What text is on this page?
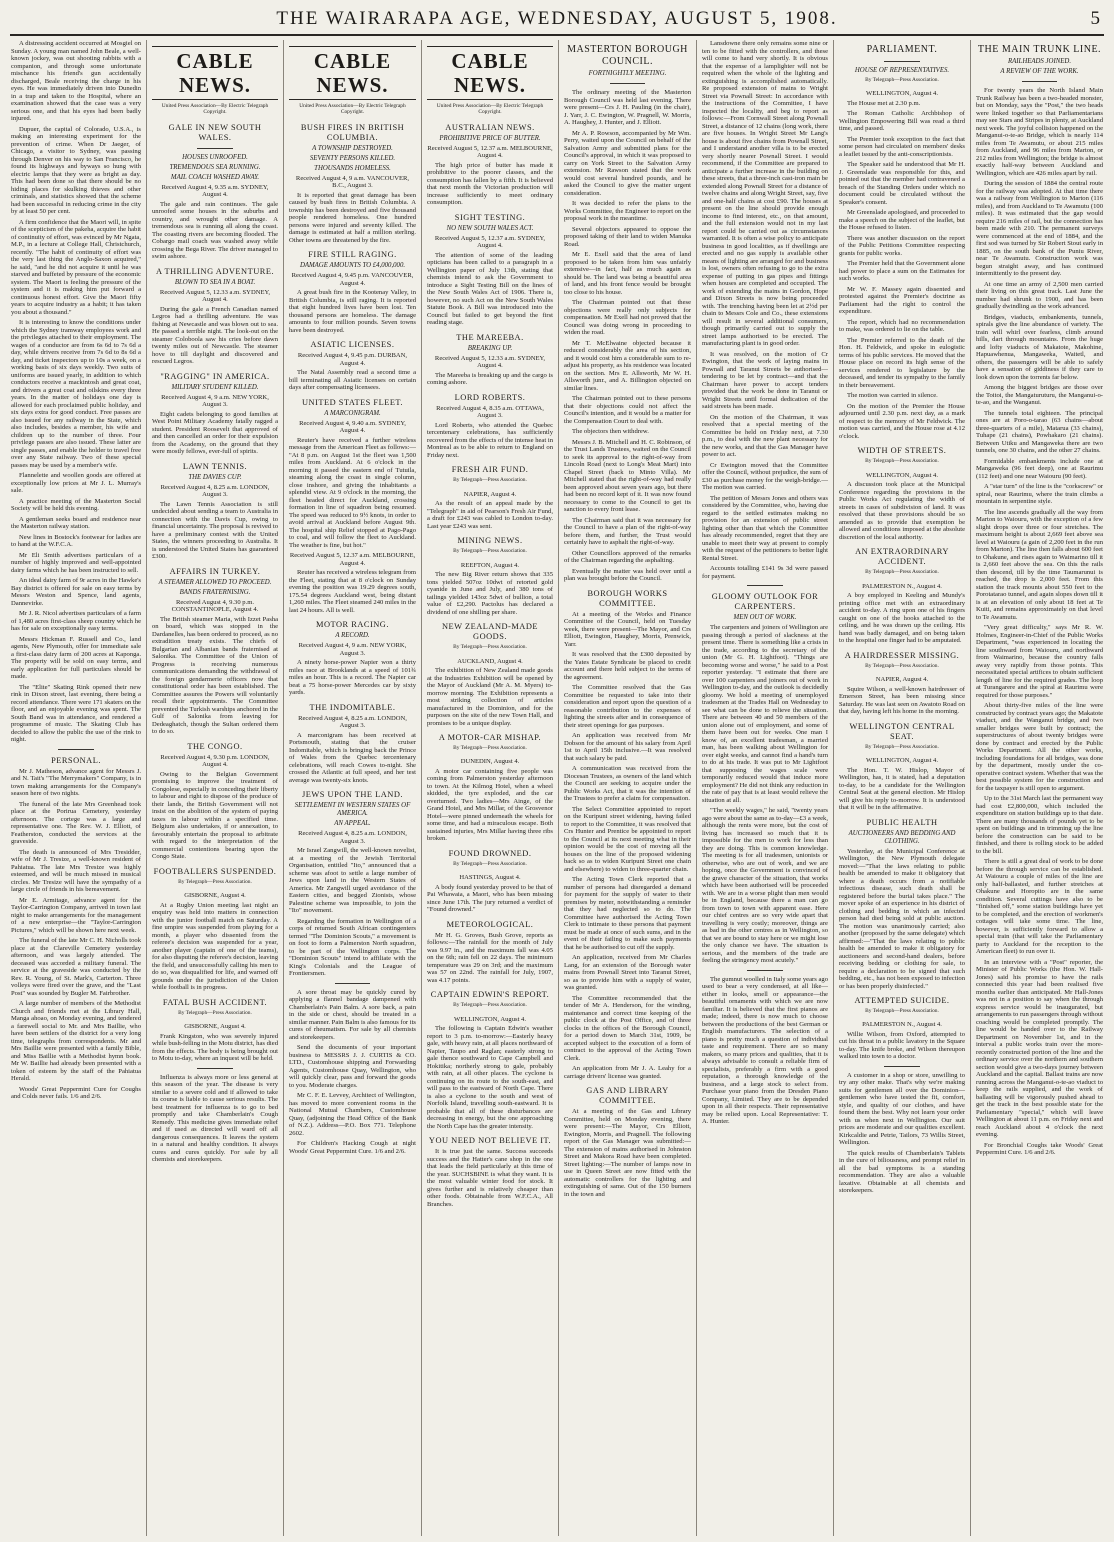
THE WAIRARAPA AGE, WEDNESDAY, AUGUST 5, 1908.	5

A distressing accident occurred at Mosgiel on Sunday. A young man named John Beale, a well-known jockey, was out shooting rabbits with a companion, and through some unfortunate mischance his friend's gun accidentally discharged, Beale receiving the charge in his eyes. He was immediately driven into Dunedin in a trap and taken to the Hospital, where an examination showed that the case was a very serious one, and that his eyes had been badly injured.

Dupuer, the capital of Colorado, U.S.A., is making an interesting experiment for the prevention of crime. When Dr Jaeger, of Chicago, a visitor to Sydney, was passing through Denver on his way to San Francisco, he found its highways and byways so hung with electric lamps that they were as bright as day. This had been done so that there should be no hiding places for skulking thieves and other criminals, and statistics showed that the scheme had been successful in reducing crime in the city by at least 50 per cent.

A firm confidence that the Maori will, in spite of the scepticism of the pakeha, acquire the habit of continuity of effort, was evinced by Mr Ngata, M.P., in a lecture at College Hall, Christchurch, recently. "The habit of continuity of effort was the very last thing the Anglo-Saxon acquired," he said, "and he did not acquire it until he was starved and buffeted by pressure of the economic system. The Maori is feeling the pressure of the system and it is making him put forward a continuous honest effort. Give the Maori fifty years to acquire industry as a habit; it has taken you about a thousand."

It is interesting to know the conditions under which the Sydney tramway employees work and the privileges attached to their employment. The wages of a conductor are from 6s 6d to 7s 6d a day, while drivers receive from 7s 6d to 8s 6d a day, and ticket inspectors up to 10s a week, on a working basis of six days weekly. Two suits of uniforms are issued yearly, in addition to which conductors receive a mackintosh and great coat, and drivers a great coat and oilskins every three years. In the matter of holidays one day is allowed for each proclaimed public holiday, and six days extra for good conduct. Free passes are also issued for any railway in the State, which also includes, besides a member, his wife and children up to the number of three. Four privilege passes are also issued. These latter are single passes, and enable the holder to travel free over any State railway. Two of these special passes may be used by a member's wife.

Flannelette and woollen goods are offered at exceptionally low prices at Mr J. L. Murray's sale.

A practice meeting of the Masterton Social Society will be held this evening.

A gentleman seeks board and residence near the Masterton railway station.

New lines in Bostock's footwear for ladies are to hand at the W.F.C.A.

Mr Eli Smith advertises particulars of a number of highly improved and well-appointed dairy farms which he has been instructed to sell.

An ideal dairy farm of 9r acres in the Hawke's Bay district is offered for sale on easy terms by Messrs Weston and Spence, land agents, Dannevirke.

Mr J. R. Nicol advertises particulars of a farm of 1,480 acres first-class sheep country which he has for sale on exceptionally easy terms.

Messrs Hickman F. Russell and Co., land agents, New Plymouth, offer for immediate sale a first-class dairy farm of 200 acres at Kaponga. The property will be sold on easy terms, and early application for full particulars should be made.

The "Elite" Skating Rink opened their new rink in Dixon street, last evening, there being a record attendance. There were 171 skaters on the floor, and an enjoyable evening was spent. The South Band was in attendance, and rendered a programme of music. The Skating Club has decided to allow the public the use of the rink to night.

PERSONAL.

Mr J. Matheson, advance agent for Messrs J. and N. Tait's "The Merrymakers" Company, is in town making arrangements for the Company's season here of two nights.

The funeral of the late Mrs Greenhead took place at the Porirua Cemetery, yesterday afternoon. The cortege was a large and representative one. The Rev. W. J. Elliott, of Featherston, conducted the services at the graveside.

The death is announced of Mrs Tresidder, wife of Mr J. Tresize, a well-known resident of Pahiatua. The late Mrs Tresize was highly esteemed, and will be much missed in musical circles. Mr Tresize will have the sympathy of a large circle of friends in his bereavement.

Mr E. Armitage, advance agent for the Taylor-Carrington Company, arrived in town last night to make arrangements for the management of a new enterprise—the "Taylor-Carrington Pictures," which will be shown here next week.

The funeral of the late Mr C. H. Nicholls took place at the Clareville Cemetery yesterday afternoon, and was largely attended. The deceased was accorded a military funeral. The service at the graveside was conducted by the Rev. R. Young, of St. Mark's, Carterton. Three volleys were fired over the grave, and the "Last Post" was sounded by Bugler M. Fairbrother.

A large number of members of the Methodist Church and friends met at the Library Hall, Manga ahoao, on Monday evening, and tendered a farewell social to Mr. and Mrs Baillie, who have been settlers of the district for a very long time, telegraphs from correspondents. Mr and Mrs Baillie were presented with a family Bible, and Miss Baillie with a Methodist hymn book. Mr W. Baillie had already been presented with a token of esteem by the staff of the Pahiatua Herald.

Woods' Great Peppermint Cure for Coughs and Colds never fails. 1/6 and 2/6.

CABLE NEWS.
United Press Association—By Electric Telegraph Copyright.
GALE IN NEW SOUTH WALES.
HOUSES UNROOFED.
TREMENDOUS SEA RUNNING.
MAIL COACH WASHED AWAY.
Received August 4, 9.35 a.m. SYDNEY, August 4.

The gale and rain continues. The gale unroofed some houses in the suburbs and country, and wrought other damage. A tremendous sea is running all along the coast. The coasting rivers are becoming flooded. The Cobargo mail coach was washed away while crossing the Bega River. The driver managed to swim ashore.

A THRILLING ADVENTURE.
BLOWN TO SEA IN A BOAT.
Received August 5, 12.33 a.m. SYDNEY, August 4.

During the gale a French Canadian named Legros had a thrilling adventure. He was fishing at Newcastle and was blown out to sea. He passed a terrible night. The look-out on the steamer Coloboola saw his cries before dawn twenty miles out of Newcastle. The steamer hove to till daylight and discovered and rescued Legros.

"RAGGING" IN AMERICA.
MILITARY STUDENT KILLED.
Received August 4, 9 a.m. NEW YORK, August 3.

Eight cadets belonging to good families at West Point Military Academy fatally ragged a student. President Roosevelt that approved of and then cancelled an order for their expulsion from the Academy, on the ground that they were mostly fellows, ever-full of spirits.

LAWN TENNIS.
THE DAVIES CUP.
Received August 4, 8.25 a.m. LONDON, August 3.

The Lawn Tennis Association is still undecided about sending a team to Australia in connection with the Davis Cup, owing to financial uncertainty. The proposal is revived to have a preliminary contest with the United States, the winners proceeding to Australia. It is understood the United States has guaranteed £300.

AFFAIRS IN TURKEY.
A STEAMER ALLOWED TO PROCEED.
BANDS FRATERNISING.
Received August 4, 9.30 p.m. CONSTANTINOPLE, August 4.

The British steamer Maria, with Izzet Pasha on board, which was stopped in the Dardanelles, has been ordered to proceed, as no extradition treaty exists. The chiefs of Bulgarian and Albanian bands fraternised at Salonika. The Committee of the Union of Progress is receiving numerous communications demanding the withdrawal of the foreign gendarmerie officers now that constitutional order has been established. The Committee assures the Powers will voluntarily recall their appointments. The Committee prevented the Turkish warships anchored in the Gulf of Salonika from leaving for Dedeaghatch, though the Sultan ordered them to do so.

THE CONGO.
Received August 4, 9.30 p.m. LONDON, August 4.

Owing to the Belgian Government promising to improve the treatment of Congolese, especially in conceding their liberty to labour and right to dispose of the produce of their lands, the British Government will not insist on the abolition of the system of paying taxes in labour within a specified time. Belgium also undertakes, if or annexation, to favourably entertain the proposal to arbitrate with regard to the interpretation of the commercial contentions bearing upon the Congo State.

FOOTBALLERS SUSPENDED.
By Telegraph—Press Association.
GISBORNE, August 4.

At a Rugby Union meeting last night an enquiry was held into matters in connection with the junior football match on Saturday. A fine umpire was suspended from playing for a month, a player who dissented from the referee's decision was suspended for a year, another player (captain of one of the teams), for also disputing the referee's decision, leaving the field, and unsuccessfully calling his men to do so, was disqualified for life, and warned off grounds under the jurisdiction of the Union while football is in progress.

FATAL BUSH ACCIDENT.
By Telegraph—Press Association.
GISBORNE, August 4.

Frank Kingston, who was severely injured while bush-felling in the Motu district, has died from the effects. The body is being brought out to Motu to-day, where an inquest will be held.

Influenza is always more or less general at this season of the year. The disease is very similar to a severe cold and if allowed to take its course is liable to cause serious results. The best treatment for influenza is to go to bed promptly and take Chamberlain's Cough Remedy. This medicine gives immediate relief and if used as directed will ward off all dangerous consequences. It leaves the system in a natural and healthy condition. It always cures and cures quickly. For sale by all chemists and storekeepers.

CABLE NEWS.
United Press Association—By Electric Telegraph Copyright.
BUSH FIRES IN BRITISH COLUMBIA.
A TOWNSHIP DESTROYED.
SEVENTY PERSONS KILLED.
THOUSANDS HOMELESS.
Received August 4, 9 a.m. VANCOUVER, B.C., August 3.

It is reported that great damage has been caused by bush fires in British Columbia. A township has been destroyed and five thousand people rendered homeless. One hundred persons were injured and seventy killed. The damage is estimated at half a million sterling. Other towns are threatened by the fire.

FIRE STILL RAGING.
DAMAGE AMOUNTS TO £4,000,000.
Received August 4, 9.45 p.m. VANCOUVER, August 4.

A great bush fire in the Kootenay Valley, in British Columbia, is still raging. It is reported that eight hundred lives have been lost. Ten thousand persons are homeless. The damage amounts to four million pounds. Seven towns have been destroyed.

ASIATIC LICENSES.
Received August 4, 9.45 p.m. DURBAN, August 4.

The Natal Assembly read a second time a bill terminating all Asiatic licenses on certain days after compensating licensees.

UNITED STATES FLEET.
A MARCONIGRAM.
Received August 4, 9.40 a.m. SYDNEY, August 4.

Reuter's have received a further wireless message from the American Fleet as follows:— "At 8 p.m. on August 1st the fleet was 1,500 miles from Auckland. At 6 o'clock in the morning it passed the eastern end of Tutuila, steaming along the coast in single column, close inshore, and giving the inhabitants a splendid view. At 9 o'clock in the morning, the fleet headed direct for Auckland, crossing formation in line of squadron being resumed. The speed was reduced to 9½ knots, in order to avoid arrival at Auckland before August 9th. The hospital ship Relief stopped at Pago-Pago to coal, and will follow the fleet to Auckland. The weather is fine, but hot."

Received August 5, 12.37 a.m. MELBOURNE, August 4.

Reuter has received a wireless telegram from the Fleet, stating that at 8 o'clock on Sunday evening the position was 19.29 degrees south, 175.54 degrees Auckland west, being distant 1,260 miles. The Fleet steamed 240 miles in the last 24 hours. All is well.

MOTOR RACING.
A RECORD.
Received August 4, 9 a.m. NEW YORK, August 3.

A ninety horse-power Napier won a thirty miles race at Brooklands at a speed of 101¾ miles an hour. This is a record. The Napier car beat a 75 horse-power Mercedes car by sixty yards.

THE INDOMITABLE.
Received August 4, 8.25 a.m. LONDON, August 3.

A marconigram has been received at Portsmouth, stating that the cruiser Indomitable, which is bringing back the Prince of Wales from the Quebec tercentenary celebrations, will reach Cowes to-night. She crossed the Atlantic at full speed, and her test average was twenty-six knots.

JEWS UPON THE LAND.
SETTLEMENT IN WESTERN STATES OF AMERICA.
AN APPEAL.
Received August 4, 8.25 a.m. LONDON, August 3.

Mr Israel Zangwill, the well-known novelist, at a meeting of the Jewish Territorial Organisation, entitled "Ito," announced that a scheme was afoot to settle a large number of Jews upon land in the Western States of America. Mr Zangwill urged avoidance of the Eastern cities, and begged Zionists, whose Palestine scheme was impossible, to join the "Ito" movement.

Regarding the formation in Wellington of a corps of returned South African contingenters termed "The Dominion Scouts," a movement is on foot to form a Palmerston North squadron, to be part of the Wellington corps. The "Dominion Scouts" intend to affiliate with the King's Colonials and the League of Frontiersmen.

A sore throat may be quickly cured by applying a flannel bandage dampened with Chamberlain's Pain Balm. A sore back, a pain in the side or chest, should be treated in a similar manner. Pain Balm is also famous for its cures of rheumatism. For sale by all chemists and storekeepers.

Send the documents of your important business to MESSRS J. J. CURTIS & CO. LTD., Customhouse shipping and Forwarding Agents, Customhouse Quay, Wellington, who will quickly clear, pass and forward the goods to you. Moderate charges.

Mr C. F. E. Levvey, Architect of Wellington, has moved to more convenient rooms in the National Mutual Chambers, Customhouse Quay, (adjoining the Head Office of the Bank of N.Z.). Address—P.O. Box 771. Telephone 2602.

For Children's Hacking Cough at night Woods' Great Peppermint Cure. 1/6 and 2/6.

CABLE NEWS.
United Press Association—By Electric Telegraph Copyright.
AUSTRALIAN NEWS.
PROHIBITIVE PRICE OF BUTTER.
Received August 5, 12.37 a.m. MELBOURNE, August 4.

The high price of butter has made it prohibitive to the poorer classes, and the consumption has fallen by a fifth. It is believed that next month the Victorian production will increase sufficiently to meet ordinary consumption.

SIGHT TESTING.
NO NEW SOUTH WALES ACT.
Received August 5, 12.37 a.m. SYDNEY, August 4.

The attention of some of the leading opticians has been called to a paragraph in a Wellington paper of July 13th, stating that chemists intend to ask the Government to introduce a Sight Testing Bill on the lines of the New South Wales Act of 1906. There is, however, no such Act on the New South Wales Statute Book. A Bill was introduced into the Council but failed to get beyond the first reading stage.

THE MAREEBA.
BREAKING UP.
Received August 5, 12.33 a.m. SYDNEY, August 4.

The Mareeba is breaking up and the cargo is coming ashore.

LORD ROBERTS.
Received August 4, 8.35 a.m. OTTAWA, August 3.

Lord Roberts, who attended the Quebec tercentenary celebrations, has sufficiently recovered from the effects of the intense heat in Montreal as to be able to return to England on Friday next.

FRESH AIR FUND.
By Telegraph—Press Association.
NAPIER, August 4.

As the result of an appeal made by the "Telegraph" in aid of Pearson's Fresh Air Fund, a draft for £243 was cabled to London to-day. Last year £243 was sent.

MINING NEWS.
By Telegraph—Press Association.
REEFTON, August 4.

The new Big River return shows that 335 tons yielded 507oz 10dwt of retorted gold cyanide in June and July, and 380 tons of tailings yielded 143oz 5dwt of bullion, a total value of £2,290. Pactolus has declared a dividend of one shilling per share.

NEW ZEALAND-MADE GOODS.
By Telegraph—Press Association.
AUCKLAND, August 4.

The exhibition of New Zealand made goods at the Industries Exhibition will be opened by the Mayor of Auckland (Mr A. M. Myers) to-morrow morning. The Exhibition represents a most striking collection of articles manufactured in the Dominion, and for the purposes on the site of the new Town Hall, and promises to be a unique display.

A MOTOR-CAR MISHAP.
By Telegraph—Press Association.
DUNEDIN, August 4.

A motor car containing five people was coming from Palmerston yesterday afternoon to town. At the Kilmog Hotel, when a wheel skidded, the tyre exploded, and the car overturned. Two ladies—Mrs Ainge, of the Grand Hotel, and Mrs Millar, of the Grosvenor Hotel—were pinned underneath the wheels for some time, and had a miraculous escape. Both sustained injuries, Mrs Millar having three ribs broken.

FOUND DROWNED.
By Telegraph—Press Association.
HASTINGS, August 4.

A body found yesterday proved to be that of Pai Whawaia, a Maori, who has been missing since June 17th. The jury returned a verdict of "Found drowned."

METEOROLOGICAL.

Mr H. G. Groves, Bush Grove, reports as follows:—The rainfall for the month of July was 9.97 in., and the maximum fall was 4.05 on the 6th; rain fell on 22 days. The minimum temperature was 29 on 3rd; and the maximum was 57 on 22nd. The rainfall for July, 1907, was 4.17 points.

CAPTAIN EDWIN'S REPORT.
By Telegraph—Press Association.
WELLINGTON, August 4.

The following is Captain Edwin's weather report to 3 p.m. to-morrow:—Easterly heavy gale, with heavy rain, at all places northward of Napier, Taupo and Raglan; easterly strong to gale thence southward to Cape Campbell and Hokitika; northerly strong to gale, probably with rain, at all other places. The cyclone is continuing on its route to the south-east, and will pass to the eastward of North Cape. There is also a cyclone to the south and west of Norfolk Island, travelling south-eastward. It is probable that all of these disturbances are decreasing in energy, but the one approaching the North Cape has the greater intensity.

YOU NEED NOT BELIEVE IT.

It is true just the same. Success succeeds success and the Hatter's cane shop in the one that leads the field particularly at this time of the year. SUCHSBINE is what they want. It is the most valuable winter food for stock. It gives further and is relatively cheaper than other foods. Obtainable from W.F.C.A., All Branches.

MASTERTON BOROUGH COUNCIL.
FORTNIGHTLY MEETING.

The ordinary meeting of the Masterton Borough Council was held last evening. There were present—Crs J. H. Pauling (in the chair), J. Yarr, J. C. Ewington, W. Pragnell, W. Morris, A. Haughey, J. Hunter, and J. Elliott.

Mr A. P. Rowson, accompanied by Mr Wm. Perry, waited upon the Council on behalf of the Salvation Army and submitted plans for the Council's approval, in which it was proposed to carry on York Street to the Salvation Army extension. Mr Rawson stated that the work would cost several hundred pounds, and he asked the Council to give the matter urgent consideration.

It was decided to refer the plans to the Works Committee, the Engineer to report on the proposal work in the meantime.

Several objectors appeared to oppose the proposed taking of their land to widen Manuka Road.

Mr E. Exell said that the area of land proposed to be taken from him was unfairly extensive—in fact, half as much again as should be. The land was being a beautiful area of land, and his front fence would be brought too close to his house.

The Chairman pointed out that these objections were really only subjects for compensation. Mr Exell had not proved that the Council was doing wrong in proceeding to widen the road.

Mr T. McElwaine objected because it reduced considerably the area of his section, and it would cost him a considerable sum to re-adjust his property, as his residence was located on the section. Mrs E. Allsworth, Mr W. H. Allsworth junr., and A. Billington objected on similar lines.

The Chairman pointed out to these persons that their objections could not affect the Council's intention, and it would be a matter for the Compensation Court to deal with.

The objectors then withdrew.

Messrs J. B. Mitchell and H. C. Robinson, of the Trust Lands Trustees, waited on the Council to seek its approval to the right-of-way from Lincoln Road (next to Long's Meat Mart) into Chapel Street (back to Minto Villa). Mr Mitchell stated that the right-of-way had really been approved about seven years ago, but there had been no record kept of it. It was now found necessary to come to the Council to get its sanction to every front lease.

The Chairman said that it was necessary for the Council to have a plan of the right-of-way before them, and further, the Trust would certainly have to asphalt the right-of-way.

Other Councillors approved of the remarks of the Chairman regarding the asphalting.

Eventually the matter was held over until a plan was brought before the Council.

BOROUGH WORKS COMMITTEE.

At a meeting of the Works and Finance Committee of the Council, held on Tuesday week, there were present—The Mayor, and Crs Elliott, Ewington, Haughey, Morris, Prenwick, Yarr.

It was resolved that the £300 deposited by the Yates Estate Syndicate be placed to credit account and there held subject to the terms of the agreement.

The Committee resolved that the Gas Committee be requested to take into their consideration and report upon the question of a reasonable contribution to the expenses of lighting the streets after and in consequence of their street openings for gas purposes.

An application was received from Mr Dobson for the amount of his salary from April 1st to April 15th inclusive.—It was resolved that such salary be paid.

A communication was received from the Diocesan Trustees, as owners of the land which the Council are seeking to acquire under the Public Works Act, that it was the intention of the Trustees to prefer a claim for compensation.

The Select Committee appointed to report on the Kuripuni street widening, having failed to report to the Committee, it was resolved that Crs Hunter and Prentice be appointed to report to the Council at its next meeting what in their opinion would be the cost of moving all the houses on the line of the proposed widening back so as to widen Kuripuni Street one chain and elsewhere) to widen to three-quarter chain.

The Acting Town Clerk reported that a number of persons had disregarded a demand for payment for the supply of water to their premises by meter, notwithstanding a reminder that they had neglected so to do. The Committee have authorised the Acting Town Clerk to intimate to these persons that payment must be made at once of such sums, and in the event of their failing to make such payments that he be authorised to cut off the supply.

An application, received from Mr Charles Lang, for an extension of the Borough water mains from Pownall Street into Taranui Street, so as to provide him with a supply of water, was granted.

The Committee recommended that the tender of Mr A. Henderson, for the winding, maintenance and correct time keeping of the public clock at the Post Office, and of three clocks in the offices of the Borough Council, for a period down to March 31st, 1909, be accepted subject to the execution of a form of contract to the approval of the Acting Town Clerk.

An application from Mr J. A. Leahy for a carriage drivers' license was granted.

GAS AND LIBRARY COMMITTEE.

At a meeting of the Gas and Library Committee, held on Monday evening, there were present:—The Mayor, Crs Elliott, Ewington, Morris, and Pragnell. The following report of the Gas Manager was submitted:—The extension of mains authorised in Johnston Street and Makora Road have been completed. Street lighting:—The number of lamps now in use in Queen Street are now fitted with the automatic controllers for the lighting and extinguishing of same. Out of the 150 burners in the town and

Lansdowne there only remains some nine or ten to be fitted with the controllers, and these will come to hand very shortly. It is obvious that the expense of a lamplighter will not be required when the whole of the lighting and extinguishing is accomplished automatically. Re proposed extension of mains to Wright Street via Pownall Street: In accordance with the instructions of the Committee, I have inspected the locality, and beg to report as follows:—From Cornwall Street along Pownall Street, a distance of 12 chains (long work, there are five houses. In Wright Street Mr Lang's house is about five chains from Pownall Street, and I understand another villa is to be erected very shortly nearer Pownall Street. I would recommend, if the Committee are prepared to anticipate a further increase in the building on these streets, that a three-inch cast-iron main be extended along Pownall Street for a distance of twelve chains and along Wright Street, say, five and one-half chains at cost £90. The houses at present on the line should provide enough income to find interest, etc., on that amount, and the full extension would not in my last report could be carried out as circumstances warranted. It is often a wise policy to anticipate business in good localities, as if dwellings are erected and no gas supply is available other means of lighting are arranged for and business is lost, owners often refusing to go to the extra expense of putting in gas pipes and fittings when houses are completed and occupied. The work of extending the mains in Gordon, Hope and Dixon Streets is now being proceeded with. The trenching having been let at 2½d per chain to Messrs Cole and Co., these extensions will result in several additional consumers, though primarily carried out to supply the street lamps authorised to be erected. The manufacturing plant is in good order.

It was resolved, on the motion of Cr Ewington, that the work of laying mains in Pownall and Taranui Streets be authorised—tendering to be let by contract—and that the Chairman have power to accept tenders provided that the work be done in Taranui or Wright Streets until formal dedication of the said streets has been made.

On the motion of the Chairman, it was resolved that a special meeting of the Committee be held on Friday next, at 7.30 p.m., to deal with the new plant necessary for the new works, and that the Gas Manager have power to act.

Cr Ewington moved that the Committee offer the Council, without prejudice, the sum of £30 as purchase money for the weigh-bridge.—The motion was carried.

The petition of Messrs Jones and others was considered by the Committee, who, having due regard to the settled estimates making no provision for an extension of public street lighting other than that which the Committee has already recommended, regret that they are unable to meet their way at present to comply with the request of the petitioners to better light Rental Street.

Accounts totalling £141 9s 3d were passed for payment.

GLOOMY OUTLOOK FOR CARPENTERS.
MEN OUT OF WORK.

The carpenters and joiners of Wellington are passing through a period of slackness at the present time. There is something like a crisis in the trade, according to the secretary of the union (Mr G. H. Lightfoot). "Things are becoming worse and worse," he said to a Post reporter yesterday. "I estimate that there are over 100 carpenters and joiners out of work in Wellington to-day, and the outlook is decidedly gloomy. We hold a meeting of unemployed tradesmen at the Trades Hall on Wednesday to see what can be done to relieve the situation. There are between 40 and 50 members of the union alone out of employment, and some of them have been out for weeks. One man I know of, an excellent tradesman, a married man, has been walking about Wellington for over eight weeks, and cannot find a hand's turn to do at his trade. It was put to Mr Lightfoot that supposing the wages scale were temporarily reduced would that induce more employment? He did not think any reduction in the rate of pay that is at least would relieve the situation at all.

"The weekly wages," he said, "twenty years ago were about the same as to-day—£3 a week, although the rents were more, but the cost of living has increased so much that it is impossible for the men to work for less than they are doing. This is common knowledge. The meeting is for all tradesmen, unionists or otherwise, who are out of work, and we are hoping, once the Government is convinced of the grave character of the situation, that works which have been authorised will be proceeded with. We are in a worse plight than men would be in England, because there a man can go from town to town with apparent ease. Here our chief centres are so very wide apart that travelling is very costly; moreover, things are as bad in the other centres as in Wellington, so that we are bound to stay here or we might lose the only chance we have. The situation is serious, and the members of the trade are feeling the stringency most acutely."

The gumnut woolled in Italy some years ago used to bear a very condensed, at all like—either in looks, smell or appearance—the beautiful ornaments with which we are now familiar. It is believed that the first pianos are made; indeed, there is now much to choose between the productions of the best German or English manufacturers. The selection of a piano is pretty much a question of individual taste and requirement. There are so many makers, so many prices and qualities, that it is always advisable to consult a reliable firm of specialists, preferably a firm with a good reputation, a thorough knowledge of the business, and a large stock to select from. Purchase your piano from the Dresden Piano Company, Limited. They are to be depended upon in all their respects. Their representative may be relied upon. Local Representative: T. A. Hunter.

PARLIAMENT.
HOUSE OF REPRESENTATIVES.
By Telegraph—Press Association.
WELLINGTON, August 4.

The House met at 2.30 p.m.

The Roman Catholic Archbishop of Wellington Empowering Bill was read a third time, and passed.

The Premier took exception to the fact that some person had circulated on members' desks a leaflet issued by the anti-conscriptionists.

The Speaker said he understood that Mr H. J. Greenslade was responsible for this, and pointed out that the member had contravened a breach of the Standing Orders under which no document could be circulated without the Speaker's consent.

Mr Greenslade apologised, and proceeded to make a speech on the subject of the leaflet, but the House refused to listen.

There was another discussion on the report of the Public Petitions Committee respecting grants for public works.

The Premier held that the Government alone had power to place a sum on the Estimates for such works.

Mr W. F. Massey again dissented and protested against the Premier's doctrine as Parliament had the right to control the expenditure.

The report, which had no recommendation to make, was ordered to lie on the table.

The Premier referred to the death of the Hon. H. Feldwick, and spoke in eulogistic terms of his public services. He moved that the House place on record its high sense of the services rendered to legislature by the deceased, and tender its sympathy to the family in their bereavement.

The motion was carried in silence.

On the motion of the Premier the House adjourned until 2.30 p.m. next day, as a mark of respect to the memory of Mr Feldwick. The motion was carried, and the House rose at 4.12 o'clock.

WIDTH OF STREETS.
By Telegraph—Press Association.
WELLINGTON, August 4.

A discussion took place at the Municipal Conference regarding the provisions in the Public Works Act regulating the width of streets in cases of subdivision of land. It was resolved that these provisions should be so amended as to provide that exemption be allowed and conditions imposed at the absolute discretion of the local authority.

AN EXTRAORDINARY ACCIDENT.
By Telegraph—Press Association.
PALMERSTON N., August 4.

A boy employed in Keeling and Mundy's printing office met with an extraordinary accident to-day. A ring upon one of his fingers caught on one of the hooks attached to the ceiling, and he was drawn up the ceiling. His hand was badly damaged, and on being taken to the hospital one finger had to be amputated.

A HAIRDRESSER MISSING.
By Telegraph—Press Association.
NAPIER, August 4.

Squire Wilson, a well-known hairdresser of Emerson Street, has been missing since Saturday. He was last seen on Awatoto Road on that day, having left his home in the morning.

WELLINGTON CENTRAL SEAT.
By Telegraph—Press Association.
WELLINGTON, August 4.

The Hon. T. W. Hislop, Mayor of Wellington, has, it is stated, had a deputation to-day, to be a candidate for the Wellington Central Seat at the general election. Mr Hislop will give his reply to-morrow. It is understood that it will be in the affirmative.

PUBLIC HEALTH
AUCTIONEERS AND BEDDING AND CLOTHING.

Yesterday, at the Municipal Conference at Wellington, the New Plymouth delegate moved:—"That the laws relating to public health be amended to make it obligatory that where a death occurs from a notifiable infectious disease, such death shall be registered before the burial takes place." The mover spoke of an experience in his district of clothing and bedding in which an infected person had died being sold at public auction. The motion was unanimously carried; also another (proposed by the same delegate) which affirmed:—"That the laws relating to public health be amended to make it obligatory for auctioneers and second-hand dealers, before receiving bedding or clothing for sale, to require a declaration to be signed that such bedding, etc., has not been exposed to infection or has been properly disinfected."

ATTEMPTED SUICIDE.
By Telegraph—Press Association.
PALMERSTON N., August 4.

Willie Wilson, from Oxford, attempted to cut his throat in a public lavatory in the Square to-day. The knife broke, and Wilson thereupon walked into town to a doctor.

A customer in a shop or store, unwilling to try any other make. That's why we're making suits for gentlemen all over the Dominion—gentlemen who have tested the fit, comfort, style, and quality of our clothes, and have found them the best. Why not learn your order with us when next in Wellington. Our suit prices are moderate and our qualities excellent. Kirkcaldie and Petrie, Tailors, 73 Willis Street, Wellington.

The quick results of Chamberlain's Tablets in the cure of biliousness, and prompt relief in all the bad symptoms is a standing recommendation. They are also a valuable laxative. Obtainable at all chemists and storekeepers.

THE MAIN TRUNK LINE.
RAILHEADS JOINED.
A REVIEW OF THE WORK.

For twenty years the North Island Main Trunk Railway has been a two-headed monster, but on Monday, says the "Post," the two heads were linked together so that Parliamentarians may see Stars and Stripes in plenty, at Auckland next week. The joyful collision happened on the Manganui-o-te-ao Bridge, which is nearly 114 miles from Te Awamutu, or about 215 miles from Auckland, and 96 miles from Marton, or 212 miles from Wellington; the bridge is almost exactly half-way between Auckland and Wellington, which are 426 miles apart by rail.

During the session of 1884 the central route for the railway was adopted. At that time there was a railway from Wellington to Marton (116 miles), and from Auckland to Te Awamutu (100 miles). It was estimated that the gap would require 216 miles of rail, but the connection has been made with 210. The permanent surveys were commenced at the end of 1884, and the first sod was turned by Sir Robert Stout early in 1885, on the south bank of the Puniu River, near Te Awamutu. Construction work was begun straight away, and has continued intermittently to the present day.

At one time an army of 2,500 men carried their living on this great track. Last June the number had shrunk to 1900, and has been gradually dwindling as the work advanced.

Bridges, viaducts, embankments, tunnels, spirals give the line abundance of variety. The train will whirl over fearless, climb around hills, dart through mountains. From the huge and lofty viaducts of Makatote, Makohine, Hapuawhenua, Mangaweka, Waitetl, and others, the passengers will be able to safely have a sensation of giddiness if they care to look down upon the torrents far below.

Among the biggest bridges are those over the Toitoi, the Mangaturuturu, the Manganui-o-te-ao, and the Wanganui.

The tunnels total eighteen. The principal ones are at Poro-o-tarao (63 chains—about three-quarters of a mile), Matarua (33 chains), Tuhape (21 chains), Powhakaro (21 chains). Between Utiku and Mangaweka there are two tunnels, one 30 chains, and the other 27 chains.

Formidable embankments include one at Mangaweka (96 feet deep), one at Raurimu (112 feet) and one near Waiouru (90 feet).

A "star turn" of the line is the "corkscrew" or spiral, near Raurimu, where the train climbs a mountain in serpentine style.

The line ascends gradually all the way from Marton to Waiouru, with the exception of a few slight drops over three or four stretches. The maximum height is about 2,669 feet above sea level at Waiouru (a gain of 2,200 feet in the run from Marton). The line then falls about 600 feet to Ohakune, and rises again to Waimarino till it is 2,660 feet above the sea. On this the rails then descend, till by the time Taumarunui is reached, the drop is 2,000 feet. From this station the track mounts about 550 feet to the Porotatarao tunnel, and again slopes down till it is at an elevation of only about 18 feet at Te Kuiti, and remains approximately on that level to Te Awamutu.

"Very great difficulty," says Mr R. W. Holmes, Engineer-in-Chief of the Public Works Department, "was experienced in locating the line southward from Waiouru, and northward from Waimarino, because the country falls away very rapidly from those points. This necessitated special artifices to obtain sufficient length of line for the required grades. The loop at Turangarere and the spiral at Raurimu were required for those purposes."

About thirty-five miles of the line were constructed by contract years ago; the Makatote viaduct, and the Wanganui bridge, and two smaller bridges were built by contract; the superstructures of about twenty bridges were done by contract and erected by the Public Works Department. All the other works, including foundations for all bridges, was done by the department, mostly under the co-operative contract system. Whether that was the best possible system for the construction and for the taxpayer is still open to argument.

Up to the 31st March last the permanent way had cost £2,800,000, which included the expenditure on station buildings up to that date. There are many thousands of pounds yet to be spent on buildings and in trimming up the line before the construction can be said to be finished, and there is rolling stock to be added to the bill.

There is still a great deal of work to be done before the through service can be established. At Waiouru a couple of miles of the line are only half-ballasted, and further stretches at Ohakune and Horopito are in the same condition. Several cuttings have also to be "finished off," some station buildings have yet to be completed, and the erection of workmen's cottages will take some time. The line, however, is sufficiently forward to allow a special train (that will take the Parliamentary party to Auckland for the reception to the American fleet) to run over it.

In an interview with a "Post" reporter, the Minister of Public Works (the Hon. W. Hall-Jones) said his promise to have the rails connected this year had been realised five months earlier than anticipated. Mr Hall-Jones was not in a position to say when the through express service would be inaugurated, but arrangements to run passengers through without coaching would be completed promptly. The line would be handed over to the Railway Department on November 1st, and in the interval a public works train over the more-recently constructed portion of the line and the ordinary service over the northern and southern section would give a two-days journey between Auckland and the capital. Ballast trains are now running across the Manganui-o-te-ao viaduct to keep the rails supplied, and the work of ballasting will be vigorously pushed ahead to get the track in the best possible state for the Parliamentary "special," which will leave Wellington at about 11 p.m. on Friday next and reach Auckland about 4 o'clock the next evening.

For Bronchial Coughs take Woods' Great Peppermint Cure. 1/6 and 2/6.
